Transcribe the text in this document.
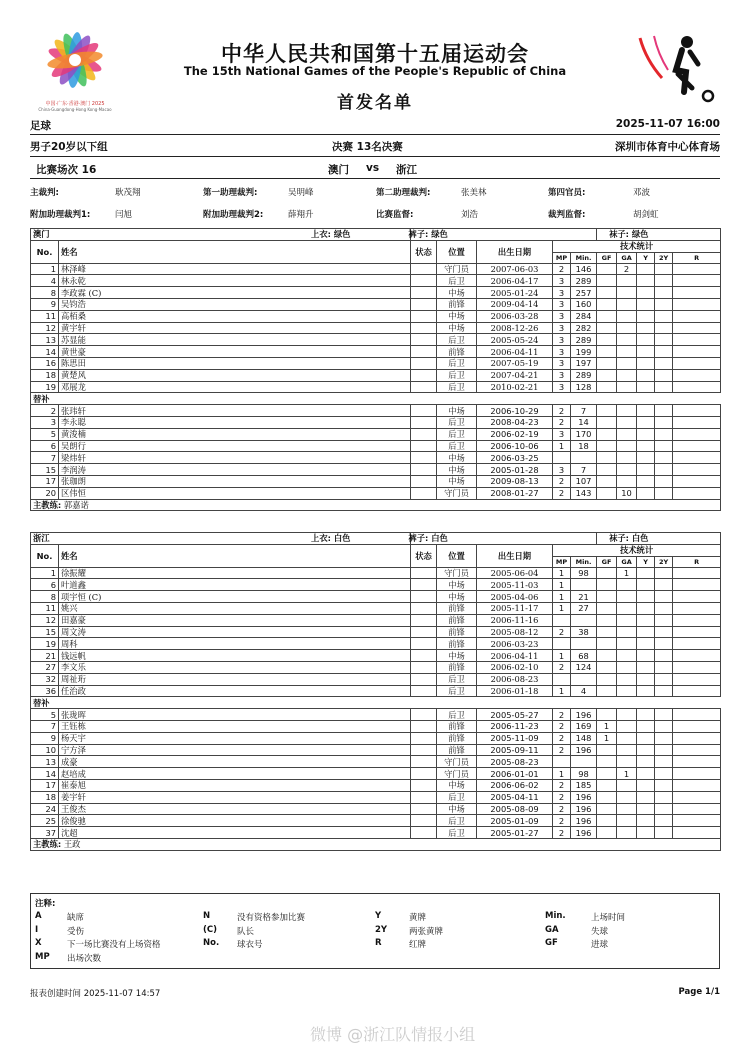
中国·广东·香港·澳门 2025
China·Guangdong·Hong Kong·Macao
中华人民共和国第十五届运动会
The 15th National Games of the People's Republic of China
首发名单
足球	2025-11-07 16:00
男子20岁以下组	决赛 13名决赛	深圳市体育中心体育场
比赛场次 16	澳门 vs 浙江
主裁判:	耿茂翔	第一助理裁判:	吴明峰	第二助理裁判:	张美林	第四官员:	邓波
附加助理裁判1:	闫旭	附加助理裁判2:	薛翔升	比赛监督:	刘浩	裁判监督:	胡剑虹
澳门		上衣: 绿色 裤子: 绿色					袜子: 绿色				
No.	姓名	状态	位置	出生日期	技术统计						
					MP	Min.	GF	GA	Y	2Y	R
1	林泽峰		守门员	2007-06-03	2	146		2			
4	林永乾		后卫	2006-04-17	3	289					
8	李政霖 (C)		中场	2005-01-24	3	257					
9	吴钧浩		前锋	2009-04-14	3	160					
11	高栢桑		中场	2006-03-28	3	284					
12	黄宇轩		中场	2008-12-26	3	282					
13	苏显能		后卫	2005-05-24	3	289					
14	黄世豪		前锋	2006-04-11	3	199					
16	陈思田		后卫	2007-05-19	3	197					
18	黄楚风		后卫	2007-04-21	3	289					
19	邓展龙		后卫	2010-02-21	3	128					
替补											
2	张玮轩		中场	2006-10-29	2	7					
3	李永聪		后卫	2008-04-23	2	14					
5	黄浚楠		后卫	2006-02-19	3	170					
6	吴朗行		后卫	2006-10-06	1	18					
7	梁炜轩		中场	2006-03-25							
15	李润涛		中场	2005-01-28	3	7					
17	张珈朗		中场	2009-08-13	2	107					
20	区伟恒		守门员	2008-01-27	2	143		10			
主教练: 郭嘉诺											
浙江		上衣: 白色 裤子: 白色					袜子: 白色				
No.	姓名	状态	位置	出生日期	技术统计						
					MP	Min.	GF	GA	Y	2Y	R
1	徐振耀		守门员	2005-06-04	1	98		1			
6	叶道鑫		中场	2005-11-03	1						
8	项宇恒 (C)		中场	2005-04-06	1	21					
11	姚兴		前锋	2005-11-17	1	27					
12	田嘉豪		前锋	2006-11-16							
15	周文涛		前锋	2005-08-12	2	38					
19	周科		前锋	2006-03-23							
21	钱远帆		中场	2006-04-11	1	68					
27	李文乐		前锋	2006-02-10	2	124					
32	周祉珩		后卫	2006-08-23							
36	任治政		后卫	2006-01-18	1	4					
替补											
5	张珑晖		后卫	2005-05-27	2	196					
7	王钰栋		前锋	2006-11-23	2	169	1				
9	杨天宇		前锋	2005-11-09	2	148	1				
10	宁方泽		前锋	2005-09-11	2	196					
13	成豪		守门员	2005-08-23							
14	赵培成		守门员	2006-01-01	1	98		1			
17	崔泰旭		中场	2006-06-02	2	185					
18	姜宇轩		后卫	2005-04-11	2	196					
24	王俊杰		中场	2005-08-09	2	196					
25	徐俊驰		后卫	2005-01-09	2	196					
37	沈超		后卫	2005-01-27	2	196					
主教练: 王政											
注释:
A	缺席	N	没有资格参加比赛	Y	黄牌	Min.	上场时间
I	受伤	(C) 队长	2Y	两张黄牌	GA	失球
X	下一场比赛没有上场资格	No. 球衣号	R	红牌	GF	进球
MP 出场次数
报表创建时间 2025-11-07 14:57	Page 1/1
微博 @浙江队情报小组
